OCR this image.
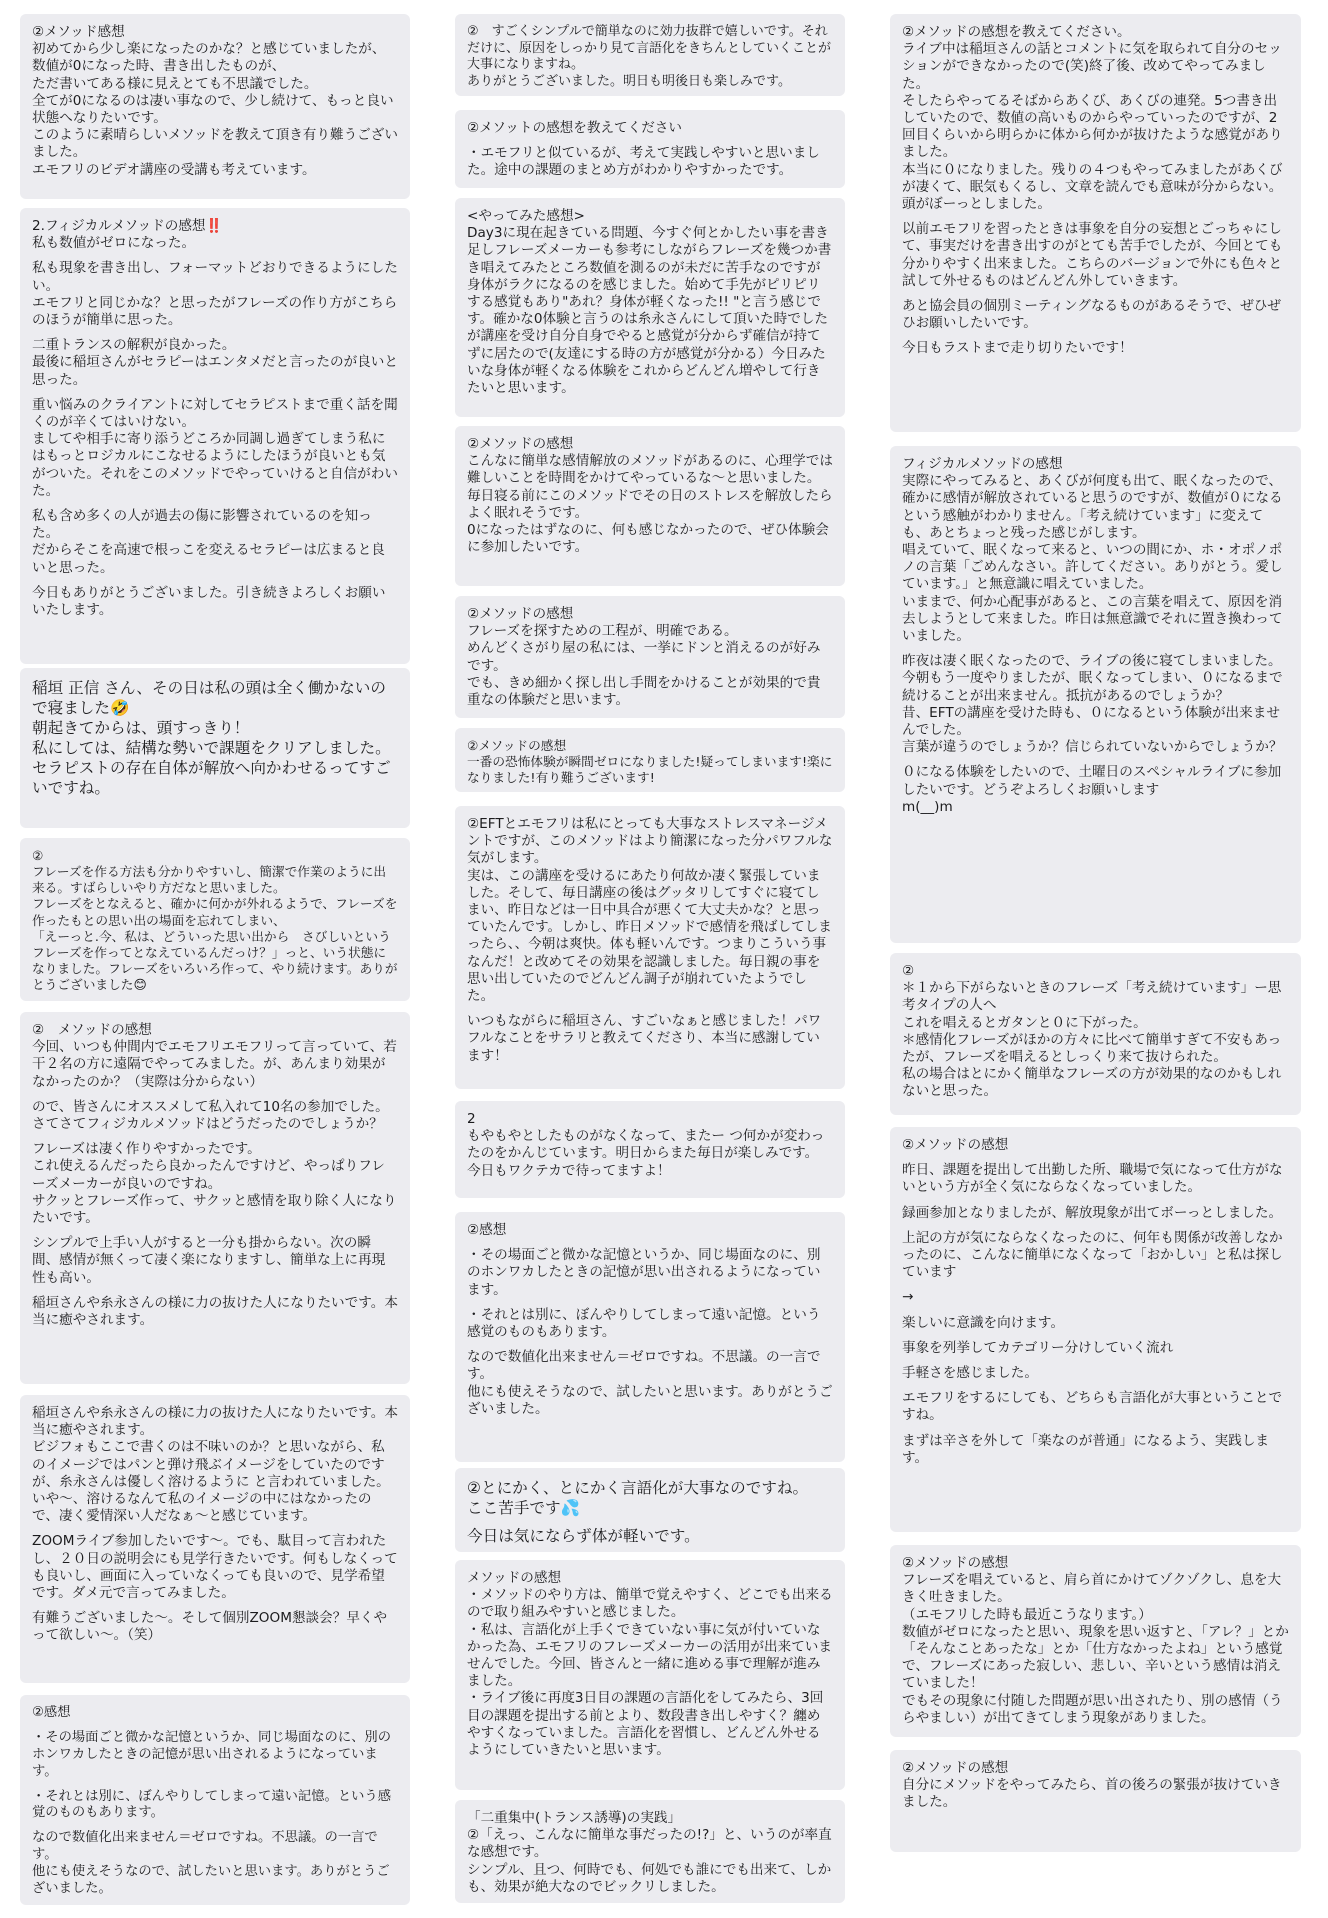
②メソッド感想
初めてから少し楽になったのかな？と感じていましたが、数値が0になった時、書き出したものが、
ただ書いてある様に見えとても不思議でした。
全てが0になるのは凄い事なので、少し続けて、もっと良い状態へなりたいです。
このように素晴らしいメソッドを教えて頂き有り難うございました。
エモフリのビデオ講座の受講も考えています。
2.フィジカルメソッドの感想‼️
私も数値がゼロになった。
私も現象を書き出し、フォーマットどおりできるようにしたい。
エモフリと同じかな？と思ったがフレーズの作り方がこちらのほうが簡単に思った。
二重トランスの解釈が良かった。
最後に稲垣さんがセラピーはエンタメだと言ったのが良いと思った。
重い悩みのクライアントに対してセラピストまで重く話を聞くのが辛くてはいけない。
ましてや相手に寄り添うどころか同調し過ぎてしまう私にはもっとロジカルにこなせるようにしたほうが良いとも気がついた。それをこのメソッドでやっていけると自信がわいた。
私も含め多くの人が過去の傷に影響されているのを知った。
だからそこを高速で根っこを変えるセラピーは広まると良いと思った。
今日もありがとうございました。引き続きよろしくお願いいたします。
稲垣 正信 さん、その日は私の頭は全く働かないので寝ました🤣
朝起きてからは、頭すっきり！
私にしては、結構な勢いで課題をクリアしました。
セラピストの存在自体が解放へ向かわせるってすごいですね。
②
フレーズを作る方法も分かりやすいし、簡潔で作業のように出来る。すばらしいやり方だなと思いました。
フレーズをとなえると、確かに何かが外れるようで、フレーズを作ったもとの思い出の場面を忘れてしまい、
「えーっと.今、私は、どういった思い出から　さびしいというフレーズを作ってとなえているんだっけ？」っと、いう状態になりました。フレーズをいろいろ作って、やり続けます。ありがとうございました😊
②　メソッドの感想
今回、いつも仲間内でエモフリエモフリって言っていて、若干２名の方に遠隔でやってみました。が、あんまり効果がなかったのか？（実際は分からない）
ので、皆さんにオススメして私入れて10名の参加でした。
さてさてフィジカルメソッドはどうだったのでしょうか？
フレーズは凄く作りやすかったです。
これ使えるんだったら良かったんですけど、やっぱりフレーズメーカーが良いのですね。
サクッとフレーズ作って、サクッと感情を取り除く人になりたいです。
シンプルで上手い人がすると一分も掛からない。次の瞬間、感情が無くって凄く楽になりますし、簡単な上に再現性も高い。
稲垣さんや糸永さんの様に力の抜けた人になりたいです。本当に癒やされます。
稲垣さんや糸永さんの様に力の抜けた人になりたいです。本当に癒やされます。
ビジフォもここで書くのは不味いのか？と思いながら、私のイメージではパンと弾け飛ぶイメージをしていたのですが、糸永さんは優しく溶けるように と言われていました。いや〜、溶けるなんて私のイメージの中にはなかったので、凄く愛情深い人だなぁ〜と感じています。
ZOOMライブ参加したいです〜。でも、駄目って言われたし、２０日の説明会にも見学行きたいです。何もしなくっても良いし、画面に入っていなくっても良いので、見学希望です。ダメ元で言ってみました。
有難うございました〜。そして個別ZOOM懇談会？早くやって欲しい〜。（笑）
②感想
・その場面ごと微かな記憶というか、同じ場面なのに、別のホンワカしたときの記憶が思い出されるようになっています。
・それとは別に、ぼんやりしてしまって遠い記憶。という感覚のものもあります。
なので数値化出来ません＝ゼロですね。不思議。の一言です。
他にも使えそうなので、試したいと思います。ありがとうございました。
②　すごくシンプルで簡単なのに効力抜群で嬉しいです。それだけに、原因をしっかり見て言語化をきちんとしていくことが大事になりますね。
ありがとうございました。明日も明後日も楽しみです。
②メソットの感想を教えてください
・エモフリと似ているが、考えて実践しやすいと思いました。途中の課題のまとめ方がわかりやすかったです。
<やってみた感想>
Day3に現在起きている問題、今すぐ何とかしたい事を書き足しフレーズメーカーも参考にしながらフレーズを幾つか書き唱えてみたところ数値を測るのが未だに苦手なのですが身体がラクになるのを感じました。始めて手先がピリピリする感覚もあり"あれ？身体が軽くなった!! "と言う感じです。確かな0体験と言うのは糸永さんにして頂いた時でしたが講座を受け自分自身でやると感覚が分からず確信が持てずに居たので(友達にする時の方が感覚が分かる）今日みたいな身体が軽くなる体験をこれからどんどん増やして行きたいと思います。
②メソッドの感想
こんなに簡単な感情解放のメソッドがあるのに、心理学では難しいことを時間をかけてやっているな〜と思いました。
毎日寝る前にこのメソッドでその日のストレスを解放したらよく眠れそうです。
0になったはずなのに、何も感じなかったので、ぜひ体験会に参加したいです。
②メソッドの感想
フレーズを探すための工程が、明確である。
めんどくさがり屋の私には、一挙にドンと消えるのが好みです。
でも、きめ細かく探し出し手間をかけることが効果的で貴重なの体験だと思います。
②メソッドの感想
一番の恐怖体験が瞬間ゼロになりました!疑ってしまいます!楽になりました!有り難うございます!
②EFTとエモフリは私にとっても大事なストレスマネージメントですが、このメソッドはより簡潔になった分パワフルな気がします。
実は、この講座を受けるにあたり何故か凄く緊張していました。そして、毎日講座の後はグッタリしてすぐに寝てしまい、昨日などは一日中具合が悪くて大丈夫かな？と思っていたんです。しかし、昨日メソッドで感情を飛ばしてしまったら、、今朝は爽快。体も軽いんです。つまりこういう事なんだ！と改めてその効果を認識しました。毎日親の事を思い出していたのでどんどん調子が崩れていたようでした。
いつもながらに稲垣さん、すごいなぁと感じました！パワフルなことをサラリと教えてくださり、本当に感謝しています！
2
もやもやとしたものがなくなって、またー つ何かが変わったのをかんじています。明日からまた毎日が楽しみです。
今日もワクテカで待ってますよ！
②感想
・その場面ごと微かな記憶というか、同じ場面なのに、別のホンワカしたときの記憶が思い出されるようになっています。
・それとは別に、ぼんやりしてしまって遠い記憶。という感覚のものもあります。
なので数値化出来ません＝ゼロですね。不思議。の一言です。
他にも使えそうなので、試したいと思います。ありがとうございました。
②とにかく、とにかく言語化が大事なのですね。
ここ苦手です💦
今日は気にならず体が軽いです。
メソッドの感想
・メソッドのやり方は、簡単で覚えやすく、どこでも出来るので取り組みやすいと感じました。
・私は、言語化が上手くできていない事に気が付いていなかった為、エモフリのフレーズメーカーの活用が出来ていませんでした。今回、皆さんと一緒に進める事で理解が進みました。
・ライブ後に再度3日目の課題の言語化をしてみたら、3回目の課題を提出する前とより、数段書き出しやすく？纏めやすくなっていました。言語化を習慣し、どんどん外せるようにしていきたいと思います。
「二重集中(トランス誘導)の実践」
②「えっ、こんなに簡単な事だったの!?」と、いうのが率直な感想です。
シンプル、且つ、何時でも、何処でも誰にでも出来て、しかも、効果が絶大なのでビックリしました。
②メソッドの感想を教えてください。
ライブ中は稲垣さんの話とコメントに気を取られて自分のセッションができなかったので(笑)終了後、改めてやってみました。
そしたらやってるそばからあくび、あくびの連発。5つ書き出していたので、数値の高いものからやっていったのですが、2回目くらいから明らかに体から何かが抜けたような感覚がありました。
本当に０になりました。残りの４つもやってみましたがあくびが凄くて、眠気もくるし、文章を読んでも意味が分からない。頭がぼーっとしました。
以前エモフリを習ったときは事象を自分の妄想とごっちゃにして、事実だけを書き出すのがとても苦手でしたが、今回とても分かりやすく出来ました。こちらのバージョンで外にも色々と試して外せるものはどんどん外していきます。
あと協会員の個別ミーティングなるものがあるそうで、ぜひぜひお願いしたいです。
今日もラストまで走り切りたいです！
フィジカルメソッドの感想
実際にやってみると、あくびが何度も出て、眠くなったので、確かに感情が解放されていると思うのですが、数値が０になるという感触がわかりません。「考え続けています」に変えても、あとちょっと残った感じがします。
唱えていて、眠くなって来ると、いつの間にか、ホ・オポノポノの言葉「ごめんなさい。許してください。ありがとう。愛しています。」と無意識に唱えていました。
いままで、何か心配事があると、この言葉を唱えて、原因を消去しようとして来ました。昨日は無意識でそれに置き換わっていました。
昨夜は凄く眠くなったので、ライブの後に寝てしまいました。今朝もう一度やりましたが、眠くなってしまい、０になるまで続けることが出来ません。抵抗があるのでしょうか？
昔、EFTの講座を受けた時も、０になるという体験が出来ませんでした。
言葉が違うのでしょうか？信じられていないからでしょうか？
０になる体験をしたいので、土曜日のスペシャルライブに参加したいです。どうぞよろしくお願いします
m(__)m
②
＊１から下がらないときのフレーズ「考え続けています」ー思考タイプの人へ
これを唱えるとガタンと０に下がった。
＊感情化フレーズがほかの方々に比べて簡単すぎて不安もあったが、フレーズを唱えるとしっくり来て抜けられた。
私の場合はとにかく簡単なフレーズの方が効果的なのかもしれないと思った。
②メソッドの感想
昨日、課題を提出して出勤した所、職場で気になって仕方がないという方が全く気にならなくなっていました。
録画参加となりましたが、解放現象が出てボーっとしました。
上記の方が気にならなくなったのに、何年も関係が改善しなかったのに、こんなに簡単になくなって「おかしい」と私は探しています
→
楽しいに意識を向けます。
事象を列挙してカテゴリー分けしていく流れ
手軽さを感じました。
エモフリをするにしても、どちらも言語化が大事ということですね。
まずは辛さを外して「楽なのが普通」になるよう、実践します。
②メソッドの感想
フレーズを唱えていると、肩ら首にかけてゾクゾクし、息を大きく吐きました。
（エモフリした時も最近こうなります。）
数値がゼロになったと思い、現象を思い返すと、「アレ？」とか「そんなことあったな」とか「仕方なかったよね」という感覚で、フレーズにあった寂しい、悲しい、辛いという感情は消えていました！
でもその現象に付随した問題が思い出されたり、別の感情（うらやましい）が出てきてしまう現象がありました。
②メソッドの感想
自分にメソッドをやってみたら、首の後ろの緊張が抜けていきました。
